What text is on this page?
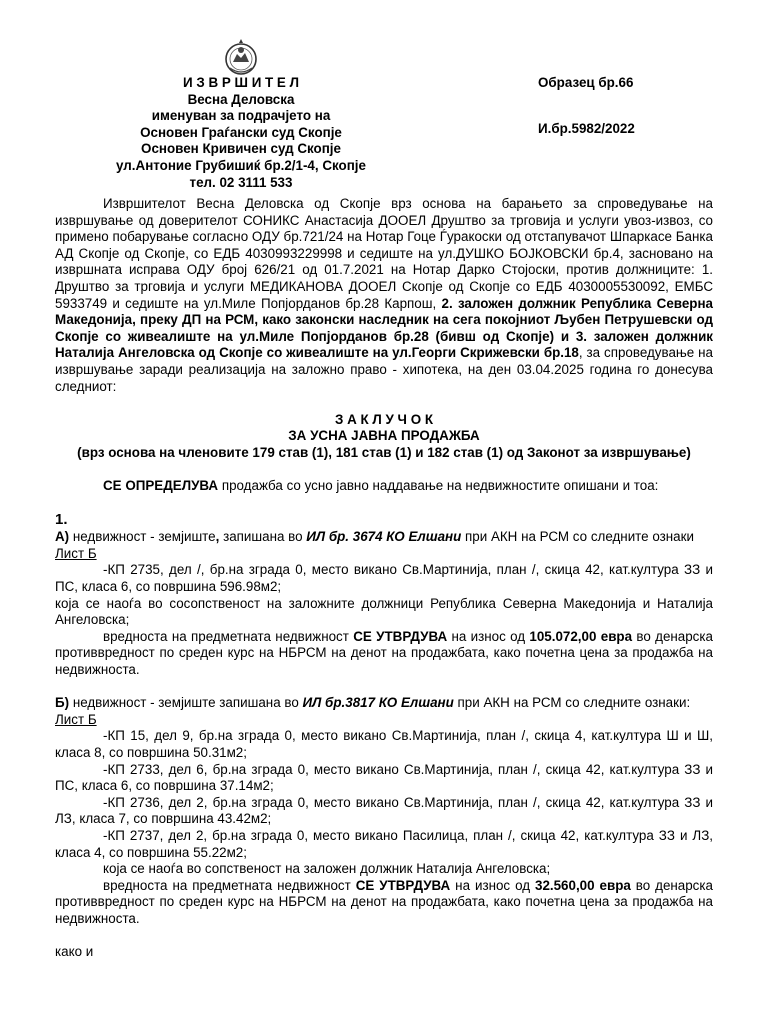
И З В Р Ш И Т Е Л
Весна Деловска
именуван за подрачјето на
Основен Граѓански суд Скопје
Основен Кривичен суд Скопје
ул.Антоние Грубишиќ бр.2/1-4, Скопје
тел. 02 3111 533
Образец бр.66
И.бр.5982/2022

Извршителот Весна Деловска од Скопје врз основа на барањето за спроведување на извршување од доверителот СОНИКС Анастасија ДООЕЛ Друштво за трговија и услуги увоз-извоз, со примено побарување согласно ОДУ бр.721/24 на Нотар Гоце Ѓуракоски од отстапувачот Шпаркасе Банка АД Скопје од Скопје, со ЕДБ 4030993229998 и седиште на ул.ДУШКО БОЈКОВСКИ бр.4, засновано на извршната исправа ОДУ број 626/21 од 01.7.2021 на Нотар Дарко Стојоски, против должниците: 1. Друштво за трговија и услуги МЕДИКАНОВА ДООЕЛ Скопје од Скопје со ЕДБ 4030005530092, ЕМБС 5933749 и седиште на ул.Миле Попјорданов бр.28 Карпош, 2. заложен должник Република Северна Македонија, преку ДП на РСМ, како законски наследник на сега покојниот Љубен Петрушевски од Скопје со живеалиште на ул.Миле Попјорданов бр.28 (бивш од Скопје) и 3. заложен должник Наталија Ангеловска од Скопје со живеалиште на ул.Георги Скрижевски бр.18, за спроведување на извршување заради реализација на заложно право - хипотека, на ден 03.04.2025 година го донесува следниот:

З А К Л У Ч О К

ЗА УСНА ЈАВНА ПРОДАЖБА

(врз основа на членовите 179 став (1), 181 став (1) и 182 став (1) од Законот за извршување)

СЕ ОПРЕДЕЛУВА продажба со усно јавно наддавање на недвижностите опишани и тоа:

1.

А) недвижност - земјиште, запишана во ИЛ бр. 3674 КО Елшани при АКН на РСМ со следните ознаки

Лист Б

-КП 2735, дел /, бр.на зграда 0, место викано Св.Мартинија, план /, скица 42, кат.култура ЗЗ и ПС, класа 6, со површина 596.98м2;

која се наоѓа во сосопственост на заложните должници Република Северна Македонија и Наталија Ангеловска;

вредноста на предметната недвижност СЕ УТВРДУВА на износ од 105.072,00 евра во денарска противвредност по среден курс на НБРСМ на денот на продажбата, како почетна цена за продажба на недвижноста.

Б) недвижност - земјиште запишана во ИЛ бр.3817 КО Елшани при АКН на РСМ со следните ознаки:

Лист Б

-КП 15, дел 9, бр.на зграда 0, место викано Св.Мартинија, план /, скица 4, кат.култура Ш и Ш, класа 8, со површина 50.31м2;

-КП 2733, дел 6, бр.на зграда 0, место викано Св.Мартинија, план /, скица 42, кат.култура ЗЗ и ПС, класа 6, со површина 37.14м2;

-КП 2736, дел 2, бр.на зграда 0, место викано Св.Мартинија, план /, скица 42, кат.култура ЗЗ и ЛЗ, класа 7, со површина 43.42м2;

-КП 2737, дел 2, бр.на зграда 0, место викано Пасилица, план /, скица 42, кат.култура ЗЗ и ЛЗ, класа 4, со површина 55.22м2;

која се наоѓа во сопственост на заложен должник Наталија Ангеловска;

вредноста на предметната недвижност СЕ УТВРДУВА на износ од 32.560,00 евра во денарска противвредност по среден курс на НБРСМ на денот на продажбата, како почетна цена за продажба на недвижноста.

како и
